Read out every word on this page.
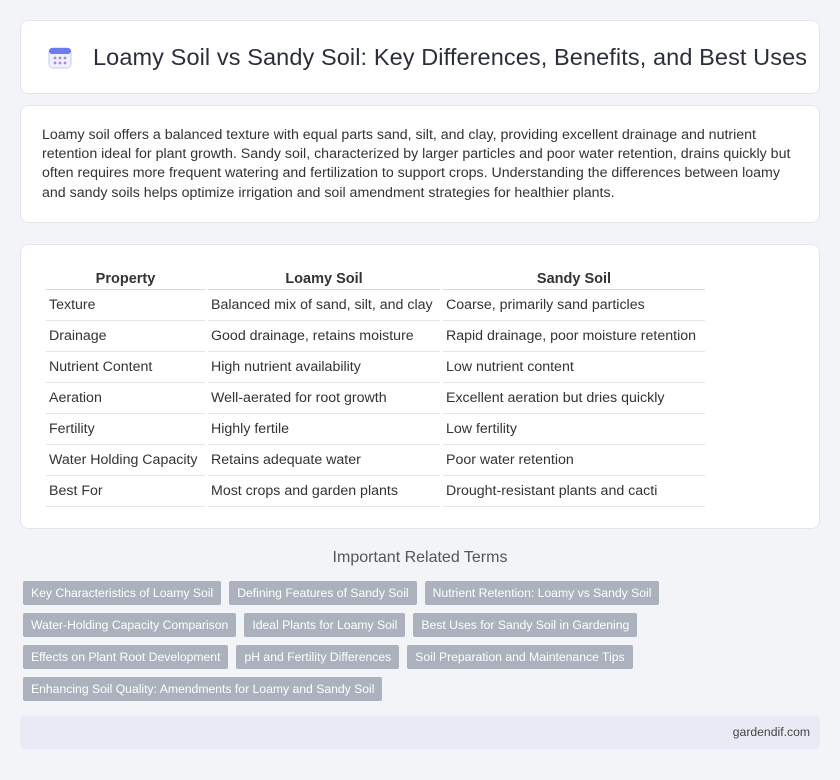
Loamy Soil vs Sandy Soil: Key Differences, Benefits, and Best Uses

Loamy soil offers a balanced texture with equal parts sand, silt, and clay, providing excellent drainage and nutrient retention ideal for plant growth. Sandy soil, characterized by larger particles and poor water retention, drains quickly but often requires more frequent watering and fertilization to support crops. Understanding the differences between loamy and sandy soils helps optimize irrigation and soil amendment strategies for healthier plants.

Property	Loamy Soil	Sandy Soil
Texture	Balanced mix of sand, silt, and clay	Coarse, primarily sand particles
Drainage	Good drainage, retains moisture	Rapid drainage, poor moisture retention
Nutrient Content	High nutrient availability	Low nutrient content
Aeration	Well-aerated for root growth	Excellent aeration but dries quickly
Fertility	Highly fertile	Low fertility
Water Holding Capacity	Retains adequate water	Poor water retention
Best For	Most crops and garden plants	Drought-resistant plants and cacti
Important Related Terms
Key Characteristics of Loamy Soil	Defining Features of Sandy Soil	Nutrient Retention: Loamy vs Sandy Soil
Water-Holding Capacity Comparison	Ideal Plants for Loamy Soil	Best Uses for Sandy Soil in Gardening
Effects on Plant Root Development	pH and Fertility Differences	Soil Preparation and Maintenance Tips
Enhancing Soil Quality: Amendments for Loamy and Sandy Soil
gardendif.com
